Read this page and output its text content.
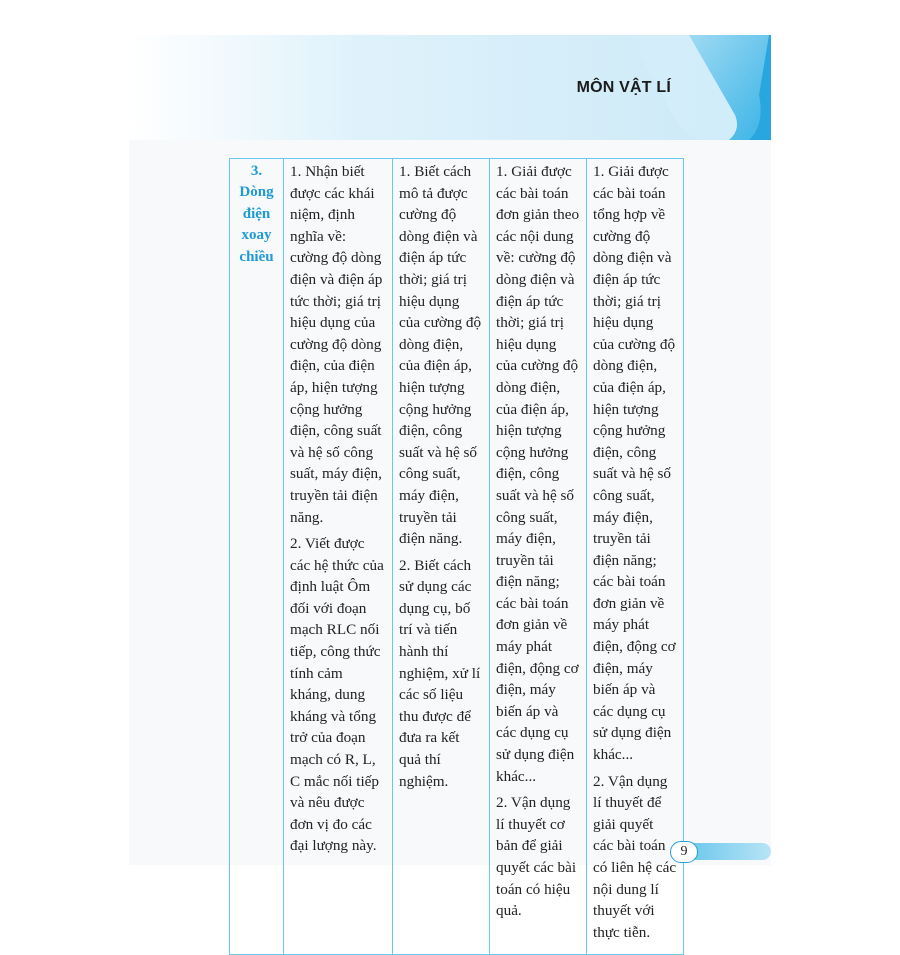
MÔN VẬT LÍ
3. Dòng điện xoay chiều

1. Nhận biết được các khái niệm, định nghĩa về: cường độ dòng điện và điện áp tức thời; giá trị hiệu dụng của cường độ dòng điện, của điện áp, hiện tượng cộng hưởng điện, công suất và hệ số công suất, máy điện, truyền tải điện năng.
2. Viết được các hệ thức của định luật Ôm đối với đoạn mạch RLC nối tiếp, công thức tính cảm kháng, dung kháng và tổng trở của đoạn mạch có R, L, C mắc nối tiếp và nêu được đơn vị đo các đại lượng này.

1. Biết cách mô tả được cường độ dòng điện và điện áp tức thời; giá trị hiệu dụng của cường độ dòng điện, của điện áp, hiện tượng cộng hưởng điện, công suất và hệ số công suất, máy điện, truyền tải điện năng.
2. Biết cách sử dụng các dụng cụ, bố trí và tiến hành thí nghiệm, xử lí các số liệu thu được để đưa ra kết quả thí nghiệm.

1. Giải được các bài toán đơn giản theo các nội dung về: cường độ dòng điện và điện áp tức thời; giá trị hiệu dụng của cường độ dòng điện, của điện áp, hiện tượng cộng hưởng điện, công suất và hệ số công suất, máy điện, truyền tải điện năng; các bài toán đơn giản về máy phát điện, động cơ điện, máy biến áp và các dụng cụ sử dụng điện khác...
2. Vận dụng lí thuyết cơ bản để giải quyết các bài toán có hiệu quả.

1. Giải được các bài toán tổng hợp về cường độ dòng điện và điện áp tức thời; giá trị hiệu dụng của cường độ dòng điện, của điện áp, hiện tượng cộng hưởng điện, công suất và hệ số công suất, máy điện, truyền tải điện năng; các bài toán đơn giản về máy phát điện, động cơ điện, máy biến áp và các dụng cụ sử dụng điện khác...
2. Vận dụng lí thuyết để giải quyết các bài toán có liên hệ các nội dung lí thuyết với thực tiễn.
9
